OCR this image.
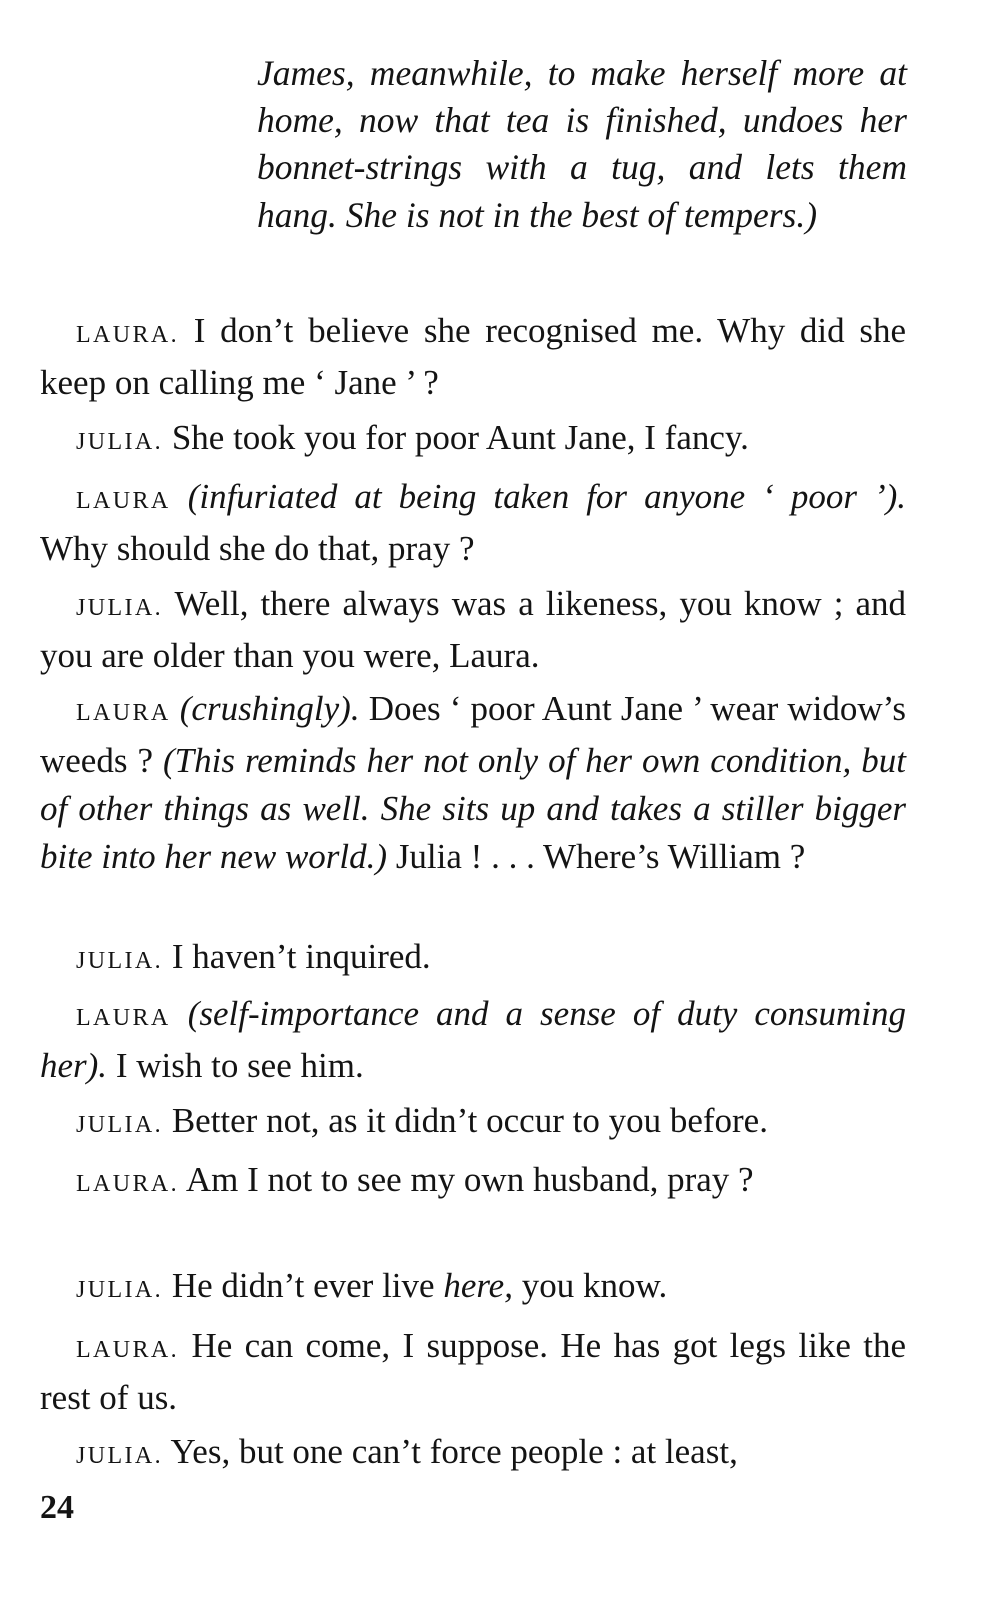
James, meanwhile, to make herself more at home, now that tea is finished, undoes her bonnet-strings with a tug, and lets them hang. She is not in the best of tempers.)

LAURA. I don’t believe she recognised me. Why did she keep on calling me ‘ Jane ’ ?

JULIA. She took you for poor Aunt Jane, I fancy.

LAURA (infuriated at being taken for anyone ‘ poor ’). Why should she do that, pray ?

JULIA. Well, there always was a likeness, you know ; and you are older than you were, Laura.

LAURA (crushingly). Does ‘ poor Aunt Jane ’ wear widow’s weeds ? (This reminds her not only of her own condition, but of other things as well. She sits up and takes a stiller bigger bite into her new world.) Julia ! . . . Where’s William ?

JULIA. I haven’t inquired.

LAURA (self-importance and a sense of duty consuming her). I wish to see him.

JULIA. Better not, as it didn’t occur to you before.

LAURA. Am I not to see my own husband, pray ?

JULIA. He didn’t ever live here, you know.

LAURA. He can come, I suppose. He has got legs like the rest of us.

JULIA. Yes, but one can’t force people : at least,

24
